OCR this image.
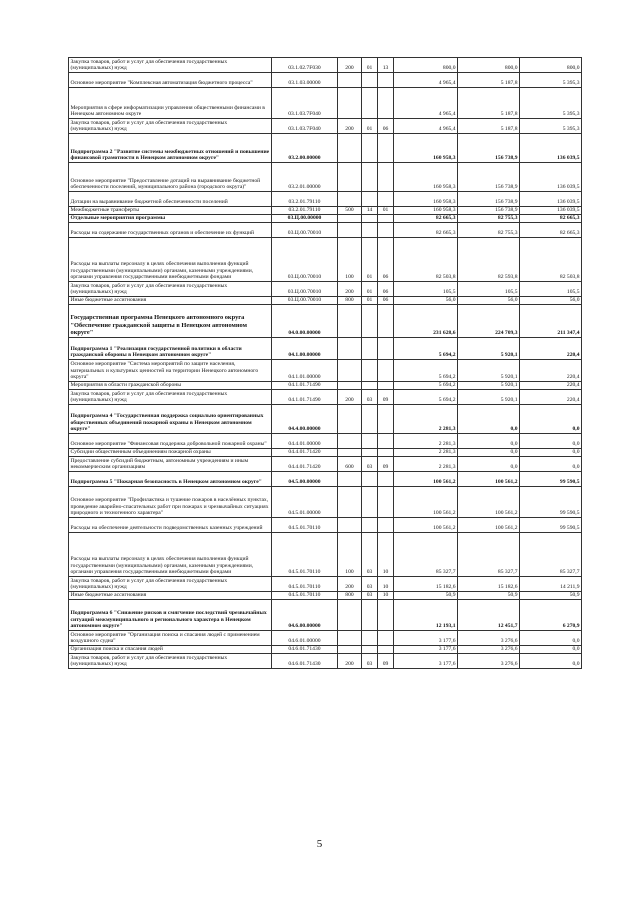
Закупка товаров, работ и услуг для обеспечения государственных (муниципальных) нужд	03.1.02.7F030	200	01	13	800,0	800,0	800,0
Основное мероприятие "Комплексная автоматизация бюджетного процесса"	03.1.03.00000				4 965,4	5 187,8	5 395,3
Мероприятия в сфере информатизации управления общественными финансами в Ненецком автономном округе	03.1.03.7F040				4 965,4	5 187,8	5 395,3
Закупка товаров, работ и услуг для обеспечения государственных (муниципальных) нужд	03.1.03.7F040	200	01	06	4 965,4	5 187,8	5 395,3
Подпрограмма 2 "Развитие системы межбюджетных отношений и повышение финансовой грамотности в Ненецком автономном округе"	03.2.00.00000				160 958,3	156 738,9	136 039,5
Основное мероприятие "Предоставление дотаций на выравнивание бюджетной обеспеченности поселений, муниципального района (городского округа)"	03.2.01.00000				160 958,3	156 738,9	136 039,5
Дотации на выравнивание бюджетной обеспеченности поселений	03.2.01.79110				160 958,3	156 738,9	136 039,5
Межбюджетные трансферты	03.2.01.79110	500	14	01	160 958,3	156 738,9	136 039,5
Отдельные мероприятия программы	03.Ц.00.00000				82 665,3	82 755,3	82 665,3
Расходы на содержание государственных органов и обеспечение их функций	03.Ц.00.70010				82 665,3	82 755,3	82 665,3
Расходы на выплаты персоналу в целях обеспечения выполнения функций государственными (муниципальными) органами, казенными учреждениями, органами управления государственными внебюджетными фондами	03.Ц.00.70010	100	01	06	82 503,8	82 593,8	82 503,8
Закупка товаров, работ и услуг для обеспечения государственных (муниципальных) нужд	03.Ц.00.70010	200	01	06	105,5	105,5	105,5
Иные бюджетные ассигнования	03.Ц.00.70010	800	01	06	56,0	56,0	56,0
Государственная программа Ненецкого автономного округа "Обеспечение гражданской защиты в Ненецком автономном округе"	04.0.00.00000				231 628,6	224 709,3	211 347,4
Подпрограмма 1 "Реализация государственной политики в области гражданской обороны в Ненецком автономном округе"	04.1.00.00000				5 694,2	5 920,1	220,4
Основное мероприятие "Система мероприятий по защите населения, материальных и культурных ценностей на территории Ненецкого автономного округа"	04.1.01.00000				5 694,2	5 920,1	220,4
Мероприятия в области гражданской обороны	04.1.01.71490				5 694,2	5 920,1	220,4
Закупка товаров, работ и услуг для обеспечения государственных (муниципальных) нужд	04.1.01.71490	200	03	09	5 694,2	5 920,1	220,4
Подпрограмма 4 "Государственная поддержка социально ориентированных общественных объединений пожарной охраны в Ненецком автономном округе"	04.4.00.00000				2 281,3	0,0	0,0
Основное мероприятие "Финансовая поддержка добровольной пожарной охраны"	04.4.01.00000				2 281,3	0,0	0,0
Субсидии общественным объединениям пожарной охраны	04.4.01.71420				2 281,3	0,0	0,0
Предоставление субсидий бюджетным, автономным учреждениям и иным некоммерческим организациям	04.4.01.71420	600	03	09	2 281,3	0,0	0,0
Подпрограмма 5 "Пожарная безопасность в Ненецком автономном округе"	04.5.00.00000				100 561,2	100 561,2	99 590,5
Основное мероприятие "Профилактика и тушение пожаров в населённых пунктах, проведение аварийно-спасательных работ при пожарах и чрезвычайных ситуациях природного и техногенного характера"	04.5.01.00000				100 561,2	100 561,2	99 590,5
Расходы на обеспечение деятельности подведомственных казенных учреждений	04.5.01.70110				100 561,2	100 561,2	99 590,5
Расходы на выплаты персоналу в целях обеспечения выполнения функций государственными (муниципальными) органами, казенными учреждениями, органами управления государственными внебюджетными фондами	04.5.01.70110	100	03	10	85 327,7	85 327,7	85 327,7
Закупка товаров, работ и услуг для обеспечения государственных (муниципальных) нужд	04.5.01.70110	200	03	10	15 182,6	15 182,6	14 211,9
Иные бюджетные ассигнования	04.5.01.70110	800	03	10	50,9	50,9	50,9
Подпрограмма 6 "Снижение рисков и смягчение последствий чрезвычайных ситуаций межмуниципального и регионального характера в Ненецком автономном округе"	04.6.00.00000				12 193,1	12 451,7	6 270,9
Основное мероприятие "Организация поиска и спасания людей с применением воздушного судна"	04.6.01.00000				3 177,6	3 276,6	0,0
Организация поиска и спасания людей	04.6.01.71430				3 177,6	3 276,6	0,0
Закупка товаров, работ и услуг для обеспечения государственных (муниципальных) нужд	04.6.01.71430	200	03	09	3 177,6	3 276,6	0,0
5
